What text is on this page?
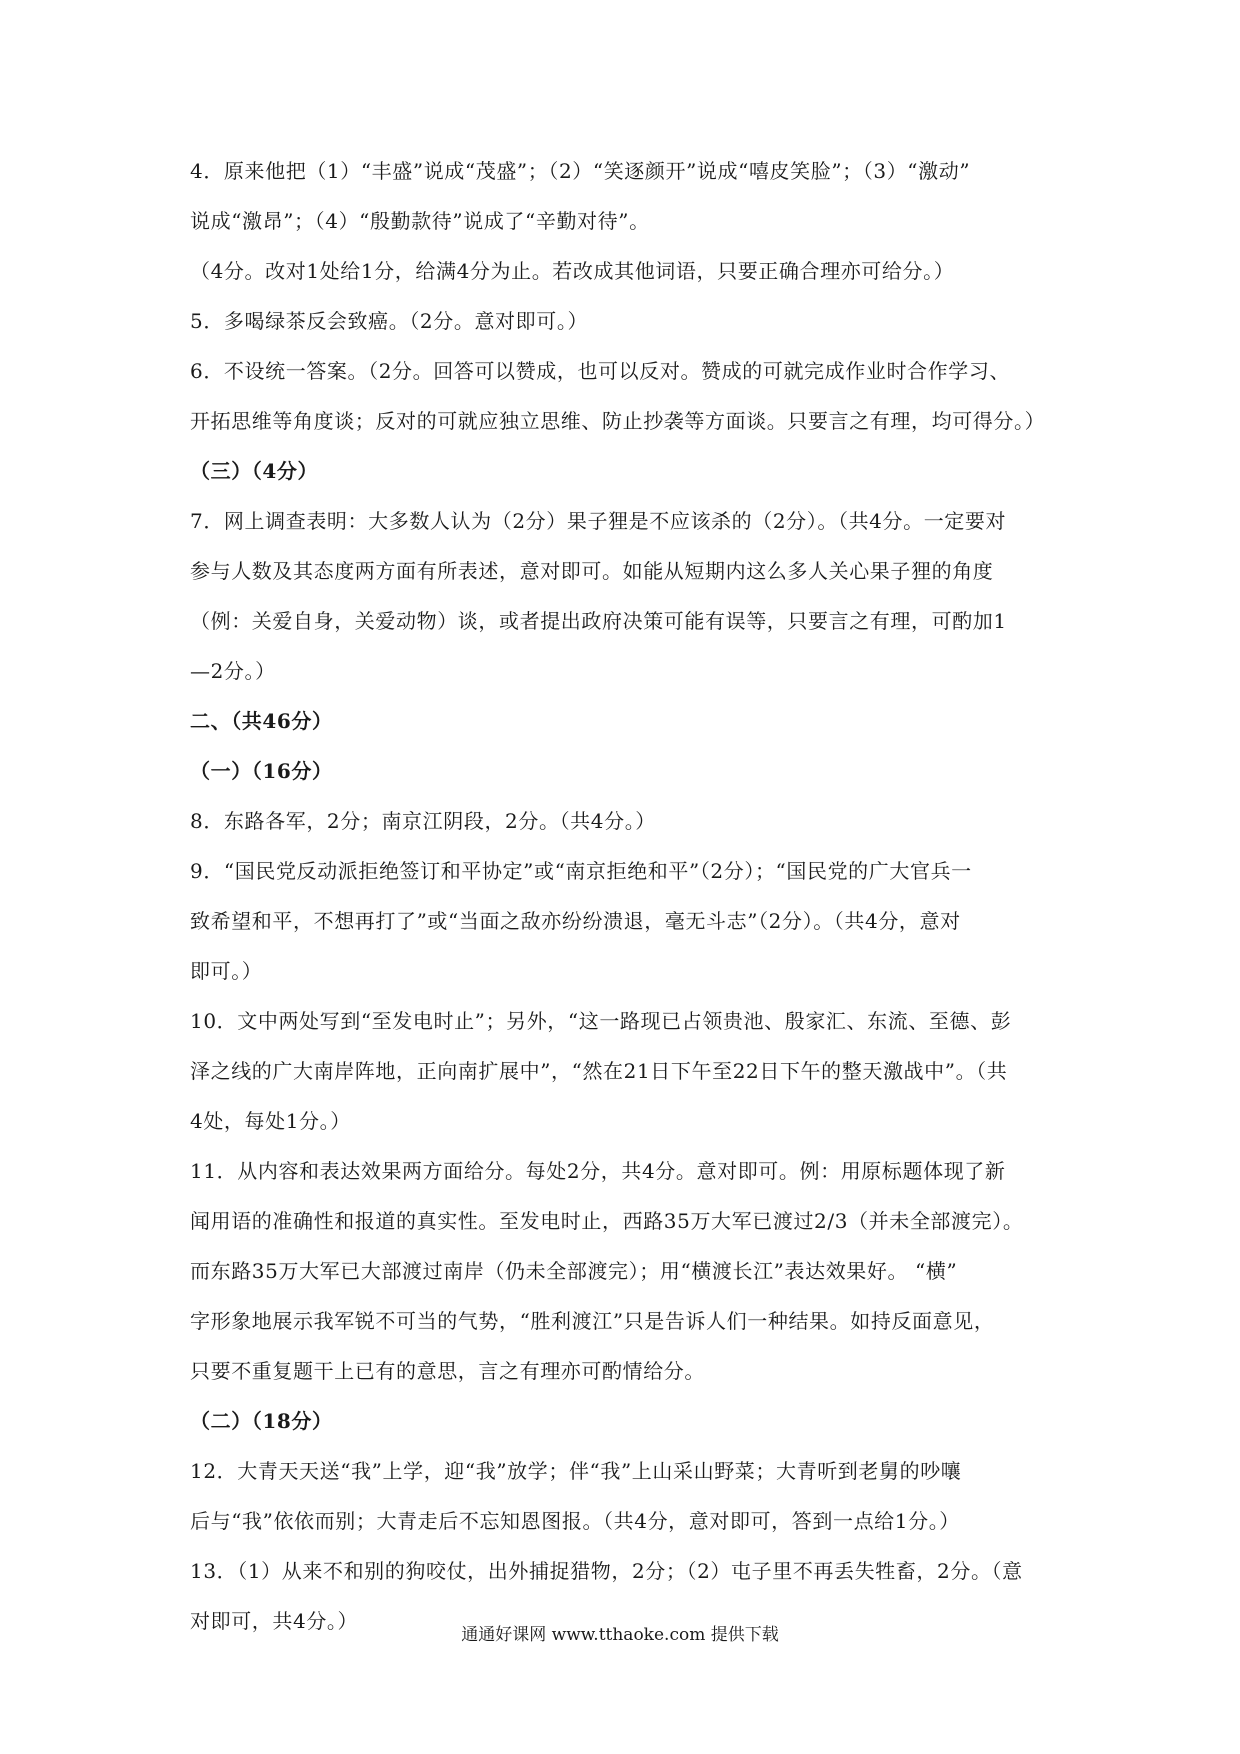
4．原来他把（1）“丰盛”说成“茂盛”；（2）“笑逐颜开”说成“嘻皮笑脸”；（3）“激动”
说成“激昂”；（4）“殷勤款待”说成了“辛勤对待”。
（4分。改对1处给1分，给满4分为止。若改成其他词语，只要正确合理亦可给分。）
5．多喝绿茶反会致癌。（2分。意对即可。）
6．不设统一答案。（2分。回答可以赞成，也可以反对。赞成的可就完成作业时合作学习、
开拓思维等角度谈；反对的可就应独立思维、防止抄袭等方面谈。只要言之有理，均可得分。）
（三）（4分）
7．网上调查表明：大多数人认为（2分）果子狸是不应该杀的（2分）。（共4分。一定要对
参与人数及其态度两方面有所表述，意对即可。如能从短期内这么多人关心果子狸的角度
（例：关爱自身，关爱动物）谈，或者提出政府决策可能有误等，只要言之有理，可酌加1
—2分。）
二、（共46分）
（一）（16分）
8．东路各军，2分；南京江阴段，2分。（共4分。）
9．“国民党反动派拒绝签订和平协定”或“南京拒绝和平”（2分）；“国民党的广大官兵一
致希望和平，不想再打了”或“当面之敌亦纷纷溃退，毫无斗志”（2分）。（共4分，意对
即可。）
10．文中两处写到“至发电时止”；另外，“这一路现已占领贵池、殷家汇、东流、至德、彭
泽之线的广大南岸阵地，正向南扩展中”，“然在21日下午至22日下午的整天激战中”。（共
4处，每处1分。）
11．从内容和表达效果两方面给分。每处2分，共4分。意对即可。例：用原标题体现了新
闻用语的准确性和报道的真实性。至发电时止，西路35万大军已渡过2/3（并未全部渡完）。
而东路35万大军已大部渡过南岸（仍未全部渡完）；用“横渡长江”表达效果好。 “横”
字形象地展示我军锐不可当的气势，“胜利渡江”只是告诉人们一种结果。如持反面意见，
只要不重复题干上已有的意思，言之有理亦可酌情给分。
（二）（18分）
12．大青天天送“我”上学，迎“我”放学；伴“我”上山采山野菜；大青听到老舅的吵嚷
后与“我”依依而别；大青走后不忘知恩图报。（共4分，意对即可，答到一点给1分。）
13．（1）从来不和别的狗咬仗，出外捕捉猎物，2分；（2）屯子里不再丢失牲畜，2分。（意
对即可，共4分。）
通通好课网 www.tthaoke.com 提供下载
